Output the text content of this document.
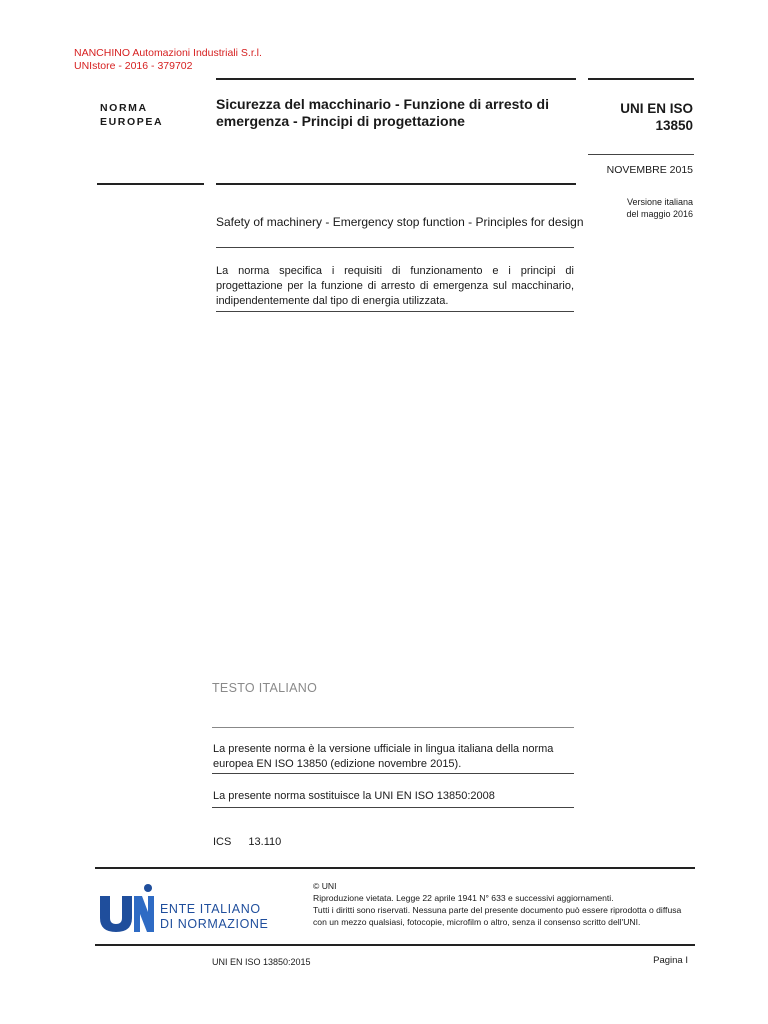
NANCHINO Automazioni Industriali S.r.l.
UNIstore - 2016 - 379702
NORMA
EUROPEA
Sicurezza del macchinario - Funzione di arresto di
emergenza - Principi di progettazione
UNI EN ISO
13850
NOVEMBRE 2015
Versione italiana
del maggio 2016
Safety of machinery - Emergency stop function - Principles for design
La norma specifica i requisiti di funzionamento e i principi di progettazione per la funzione di arresto di emergenza sul macchinario, indipendentemente dal tipo di energia utilizzata.
TESTO ITALIANO
La presente norma è la versione ufficiale in lingua italiana della norma europea EN ISO 13850 (edizione novembre 2015).
La presente norma sostituisce la UNI EN ISO 13850:2008
ICS 13.110
ENTE ITALIANO
DI NORMAZIONE
© UNI
Riproduzione vietata. Legge 22 aprile 1941 N° 633 e successivi aggiornamenti.
Tutti i diritti sono riservati. Nessuna parte del presente documento può essere riprodotta o diffusa
con un mezzo qualsiasi, fotocopie, microfilm o altro, senza il consenso scritto dell'UNI.
UNI EN ISO 13850:2015	Pagina I
